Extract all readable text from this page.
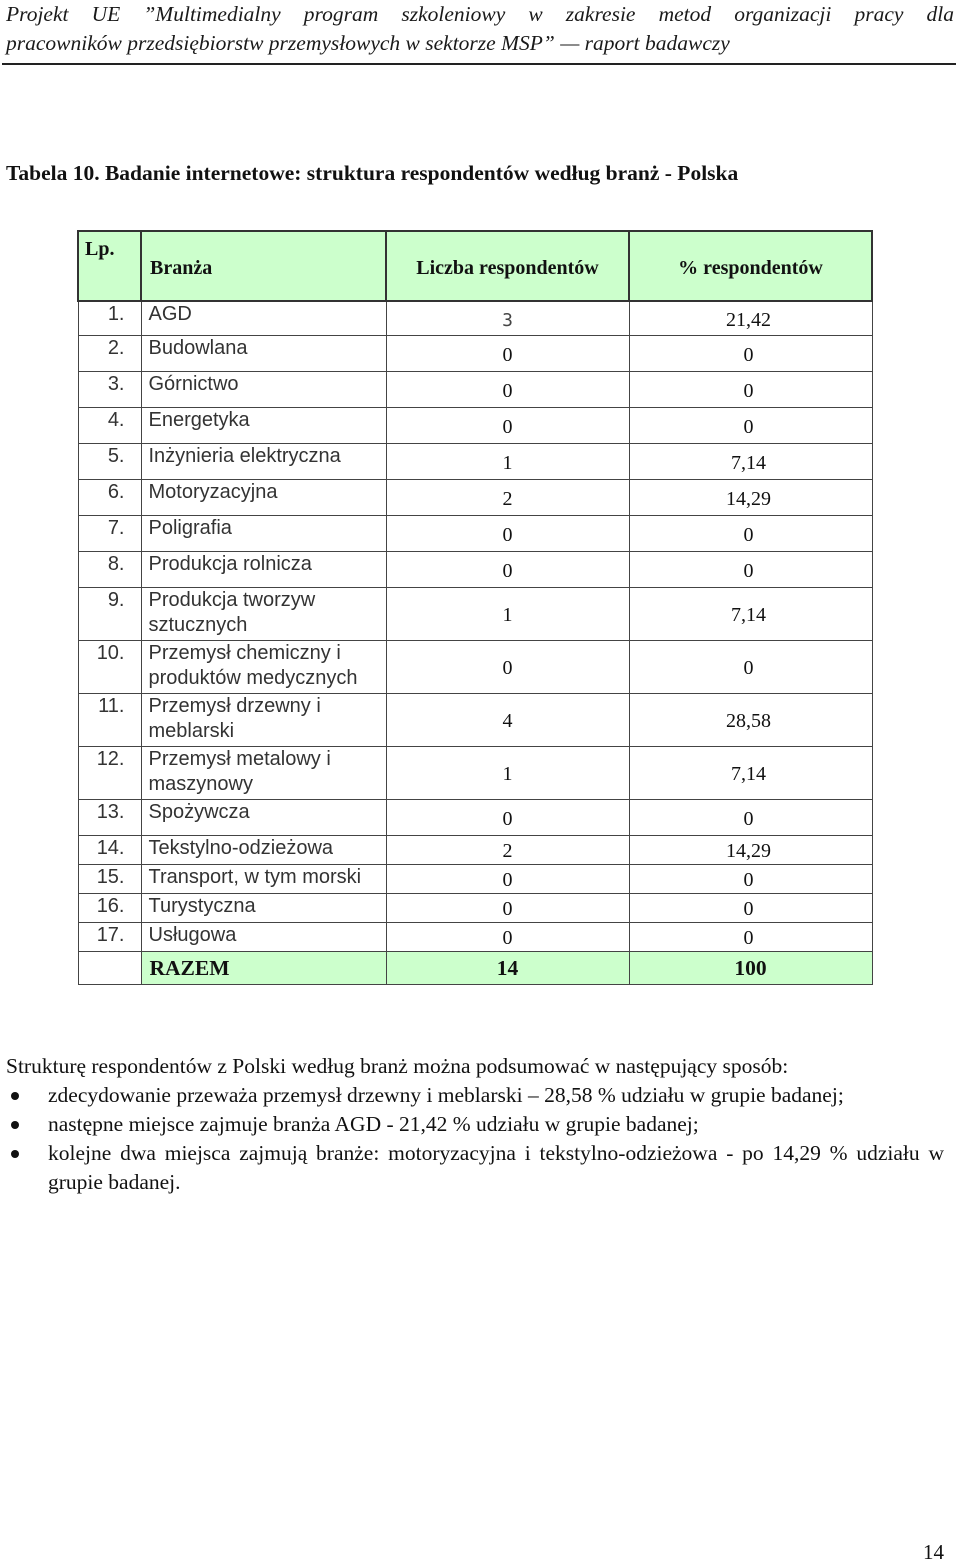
Projekt UE ”Multimedialny program szkoleniowy w zakresie metod organizacji pracy dla
pracowników przedsiębiorstw przemysłowych w sektorze MSP” — raport badawczy
Tabela 10. Badanie internetowe: struktura respondentów według branż - Polska
Lp.	Branża	Liczba respondentów	% respondentów
1.	AGD	3	21,42
2.	Budowlana	0	0
3.	Górnictwo	0	0
4.	Energetyka	0	0
5.	Inżynieria elektryczna	1	7,14
6.	Motoryzacyjna	2	14,29
7.	Poligrafia	0	0
8.	Produkcja rolnicza	0	0
9.	Produkcja tworzyw sztucznych	1	7,14
10.	Przemysł chemiczny i produktów medycznych	0	0
11.	Przemysł drzewny i meblarski	4	28,58
12.	Przemysł metalowy i maszynowy	1	7,14
13.	Spożywcza	0	0
14.	Tekstylno-odzieżowa	2	14,29
15.	Transport, w tym morski	0	0
16.	Turystyczna	0	0
17.	Usługowa	0	0
	RAZEM	14	100
Strukturę respondentów z Polski według branż można podsumować w następujący sposób:
zdecydowanie przeważa przemysł drzewny i meblarski – 28,58 % udziału w grupie badanej;
następne miejsce zajmuje branża AGD - 21,42 % udziału w grupie badanej;
kolejne dwa miejsca zajmują branże: motoryzacyjna i tekstylno-odzieżowa - po 14,29 % udziału w grupie badanej.
14
